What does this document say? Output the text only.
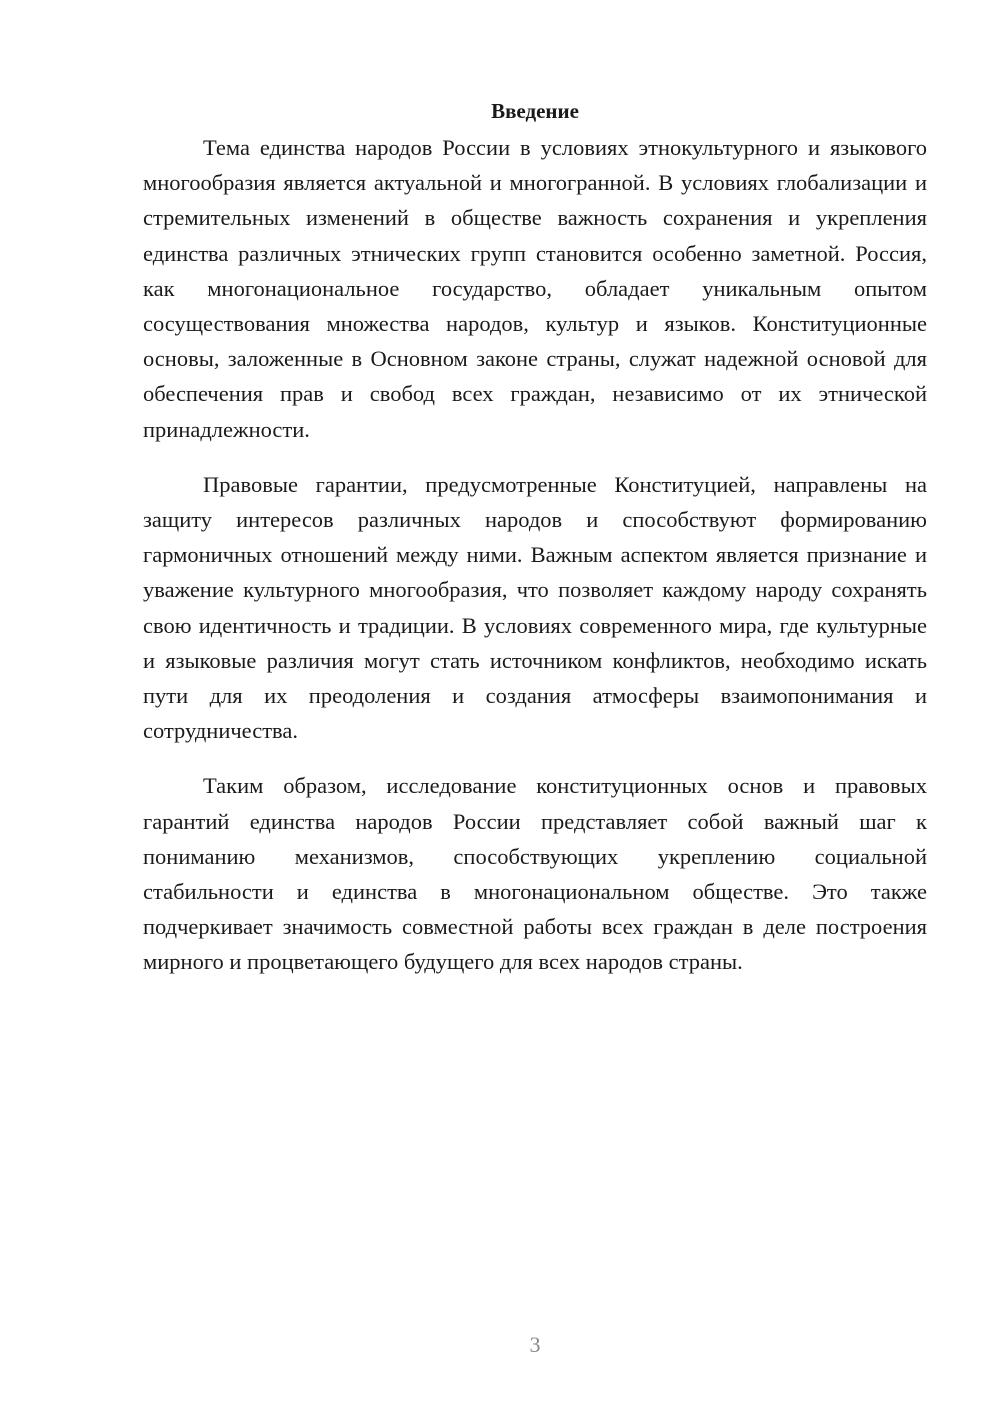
Введение

Тема единства народов России в условиях этнокультурного и языкового многообразия является актуальной и многогранной. В условиях глобализации и стремительных изменений в обществе важность сохранения и укрепления единства различных этнических групп становится особенно заметной. Россия, как многонациональное государство, обладает уникальным опытом сосуществования множества народов, культур и языков. Конституционные основы, заложенные в Основном законе страны, служат надежной основой для обеспечения прав и свобод всех граждан, независимо от их этнической принадлежности.

Правовые гарантии, предусмотренные Конституцией, направлены на защиту интересов различных народов и способствуют формированию гармоничных отношений между ними. Важным аспектом является признание и уважение культурного многообразия, что позволяет каждому народу сохранять свою идентичность и традиции. В условиях современного мира, где культурные и языковые различия могут стать источником конфликтов, необходимо искать пути для их преодоления и создания атмосферы взаимопонимания и сотрудничества.

Таким образом, исследование конституционных основ и правовых гарантий единства народов России представляет собой важный шаг к пониманию механизмов, способствующих укреплению социальной стабильности и единства в многонациональном обществе. Это также подчеркивает значимость совместной работы всех граждан в деле построения мирного и процветающего будущего для всех народов страны.

3
